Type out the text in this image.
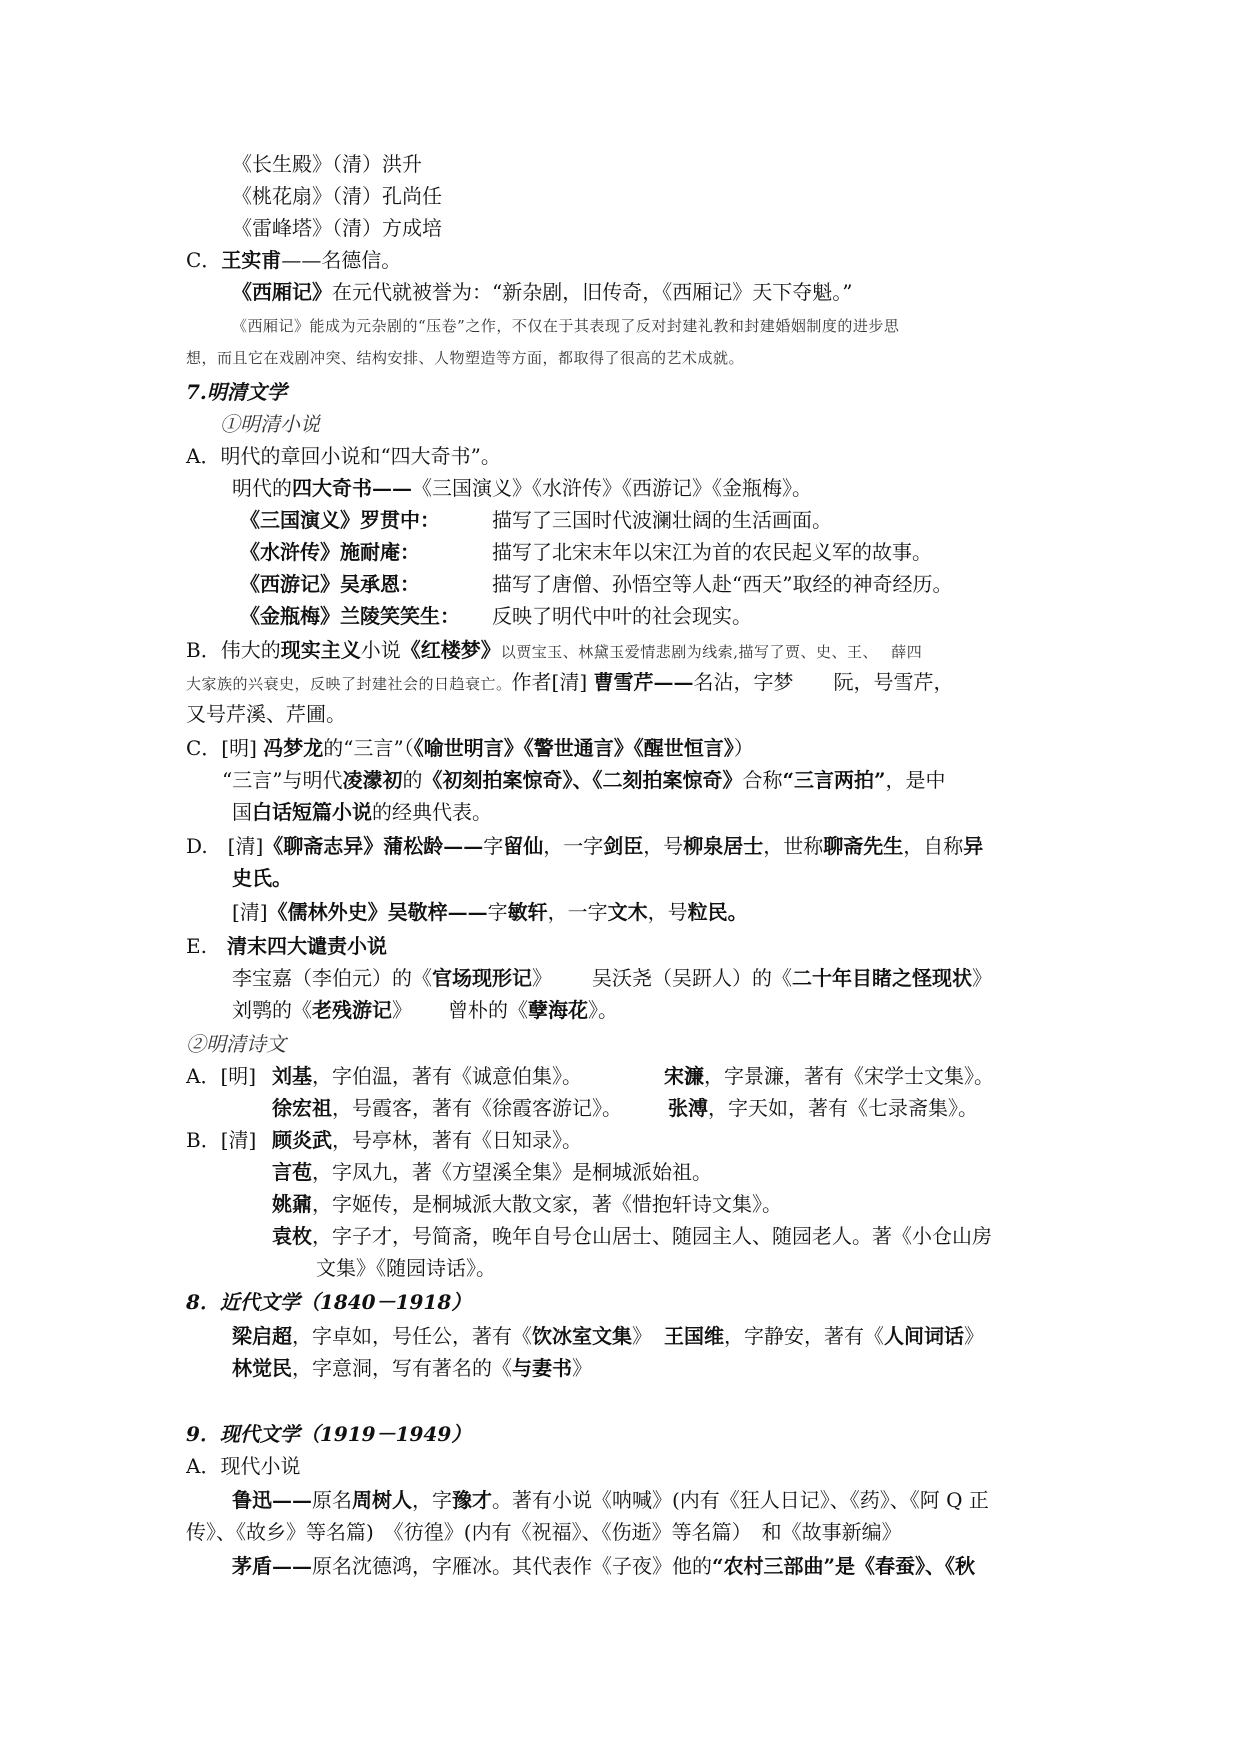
《长生殿》（清）洪升
《桃花扇》（清）孔尚任
《雷峰塔》（清）方成培
C．王实甫——名德信。
《西厢记》在元代就被誉为：“新杂剧，旧传奇，《西厢记》天下夺魁。”
《西厢记》能成为元杂剧的“压卷”之作，不仅在于其表现了反对封建礼教和封建婚姻制度的进步思
想，而且它在戏剧冲突、结构安排、人物塑造等方面，都取得了很高的艺术成就。
7.明清文学
①明清小说
A．明代的章回小说和“四大奇书”。
明代的四大奇书——《三国演义》《水浒传》《西游记》《金瓶梅》。
《三国演义》罗贯中：	描写了三国时代波澜壮阔的生活画面。
《水浒传》施耐庵：	描写了北宋末年以宋江为首的农民起义军的故事。
《西游记》吴承恩：	描写了唐僧、孙悟空等人赴“西天”取经的神奇经历。
《金瓶梅》兰陵笑笑生： 反映了明代中叶的社会现实。
B．伟大的现实主义小说《红楼梦》以贾宝玉、林黛玉爱情悲剧为线索,描写了贾、史、王、　 薛四
大家族的兴衰史，反映了封建社会的日趋衰亡。作者[清] 曹雪芹——名沾，字梦　　阮，号雪芹，
又号芹溪、芹圃。
C．[明] 冯梦龙的“三言”（《喻世明言》《警世通言》《醒世恒言》）
“三言”与明代凌濛初的《初刻拍案惊奇》、《二刻拍案惊奇》合称“三言两拍”，是中
国白话短篇小说的经典代表。
D.　[清]《聊斋志异》蒲松龄——字留仙，一字剑臣，号柳泉居士，世称聊斋先生，自称异
史氏。
[清]《儒林外史》吴敬梓——字敏轩，一字文木，号粒民。
E.　清末四大谴责小说
李宝嘉（李伯元）的《官场现形记》 吴沃尧（吴趼人）的《二十年目睹之怪现状》
刘鹗的《老残游记》 曾朴的《孽海花》。
②明清诗文
A．[明] 刘基，字伯温，著有《诚意伯集》。	宋濂，字景濂，著有《宋学士文集》。
徐宏祖，号霞客，著有《徐霞客游记》。 张溥，字天如，著有《七录斋集》。
B．[清] 顾炎武，号亭林，著有《日知录》。
言苞，字凤九，著《方望溪全集》是桐城派始祖。
姚鼐，字姬传，是桐城派大散文家，著《惜抱轩诗文集》。
袁枚，字子才，号简斋，晚年自号仓山居士、随园主人、随园老人。著《小仓山房
文集》《随园诗话》。
8．近代文学（1840－1918）
梁启超，字卓如，号任公，著有《饮冰室文集》 王国维，字静安，著有《人间词话》
林觉民，字意洞，写有著名的《与妻书》
9．现代文学（1919－1949）
A．现代小说
鲁迅——原名周树人，字豫才。著有小说《呐喊》(内有《狂人日记》、《药》、《阿 Q 正
传》、《故乡》等名篇)　《彷徨》(内有《祝福》、《伤逝》等名篇）　和《故事新编》
茅盾——原名沈德鸿，字雁冰。其代表作《子夜》他的“农村三部曲”是《春蚕》、《秋
